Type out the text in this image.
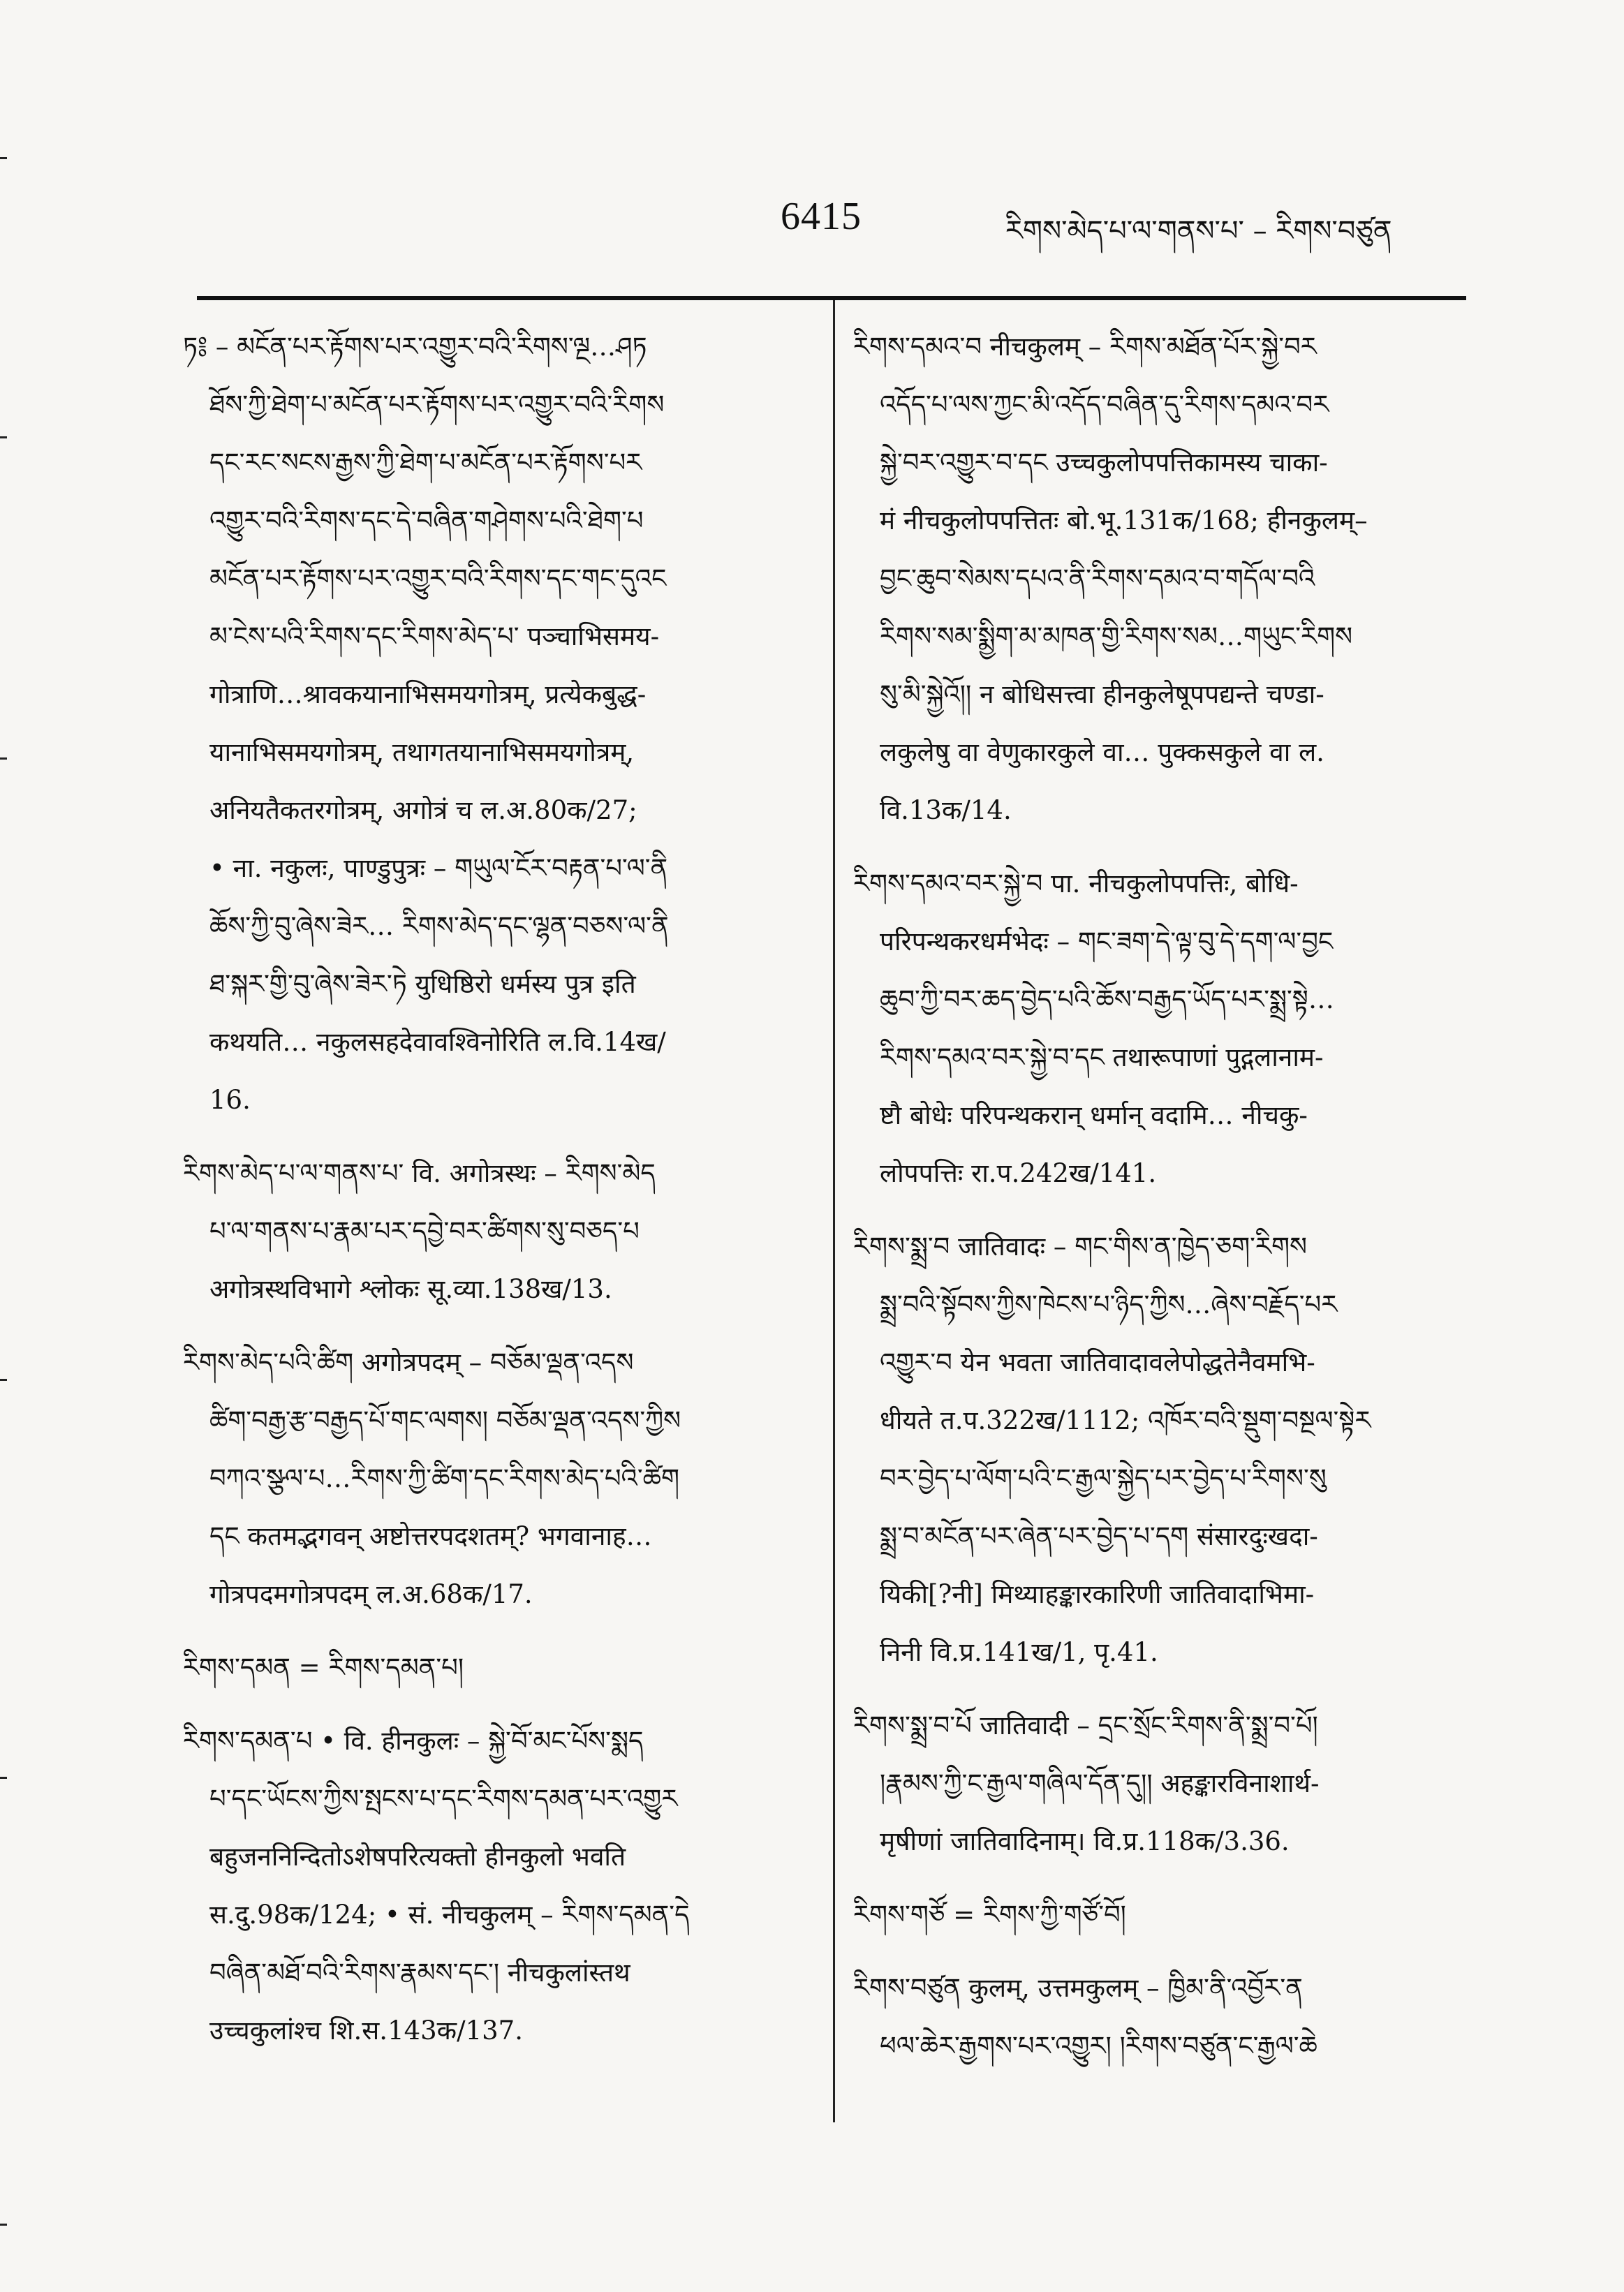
6415	རིགས་མེད་པ་ལ་གནས་པ་ – རིགས་བཙུན
ཏ༔ – མངོན་པར་རྟོགས་པར་འགྱུར་བའི་རིགས་ལྔ…ཤཏ
ཐོས་ཀྱི་ཐེག་པ་མངོན་པར་རྟོགས་པར་འགྱུར་བའི་རིགས
དང་རང་སངས་རྒྱས་ཀྱི་ཐེག་པ་མངོན་པར་རྟོགས་པར
འགྱུར་བའི་རིགས་དང་དེ་བཞིན་གཤེགས་པའི་ཐེག་པ
མངོན་པར་རྟོགས་པར་འགྱུར་བའི་རིགས་དང་གང་དུའང
མ་ངེས་པའི་རིགས་དང་རིགས་མེད་པ་ पञ्चाभिसमय-
गोत्राणि…श्रावकयानाभिसमयगोत्रम्, प्रत्येकबुद्ध-
यानाभिसमयगोत्रम्, तथागतयानाभिसमयगोत्रम्,
अनियतैकतरगोत्रम्, अगोत्रं च ल.अ.80क/27;
• ना. नकुलः, पाण्डुपुत्रः – གཡུལ་ངོར་བརྟན་པ་ལ་ནི
ཆོས་ཀྱི་བུ་ཞེས་ཟེར… རིགས་མེད་དང་ལྷན་བཅས་ལ་ནི
ཐ་སྐར་གྱི་བུ་ཞེས་ཟེར་ཏེ युधिष्ठिरो धर्मस्य पुत्र इति
कथयति… नकुलसहदेवावश्विनोरिति ल.वि.14ख/
16.
རིགས་མེད་པ་ལ་གནས་པ་ वि. अगोत्रस्थः – རིགས་མེད
པ་ལ་གནས་པ་རྣམ་པར་དབྱེ་བར་ཚིགས་སུ་བཅད་པ
अगोत्रस्थविभागे श्लोकः सू.व्या.138ख/13.
རིགས་མེད་པའི་ཚིག अगोत्रपदम् – བཅོམ་ལྡན་འདས
ཚིག་བརྒྱ་རྩ་བརྒྱད་པོ་གང་ལགས། བཅོམ་ལྡན་འདས་ཀྱིས
བཀའ་སྩལ་པ…རིགས་ཀྱི་ཚིག་དང་རིགས་མེད་པའི་ཚིག
དང कतमद्भगवन् अष्टोत्तरपदशतम्? भगवानाह…
गोत्रपदमगोत्रपदम् ल.अ.68क/17.
རིགས་དམན = རིགས་དམན་པ།
རིགས་དམན་པ • वि. हीनकुलः – སྐྱེ་བོ་མང་པོས་སྨད
པ་དང་ཡོངས་ཀྱིས་སྤངས་པ་དང་རིགས་དམན་པར་འགྱུར
बहुजननिन्दितोऽशेषपरित्यक्तो हीनकुलो भवति
स.दु.98क/124; • सं. नीचकुलम् – རིགས་དམན་དེ
བཞིན་མཐོ་བའི་རིགས་རྣམས་དང་། नीचकुलांस्तथ
उच्चकुलांश्च शि.स.143क/137.
རིགས་དམའ་བ नीचकुलम् – རིགས་མཐོན་པོར་སྐྱེ་བར
འདོད་པ་ལས་ཀྱང་མི་འདོད་བཞིན་དུ་རིགས་དམའ་བར
སྐྱེ་བར་འགྱུར་བ་དང उच्चकुलोपपत्तिकामस्य चाका-
मं नीचकुलोपपत्तितः बो.भू.131क/168; हीनकुलम्–
བྱང་ཆུབ་སེམས་དཔའ་ནི་རིགས་དམའ་བ་གདོལ་བའི
རིགས་སམ་སྨྱིག་མ་མཁན་གྱི་རིགས་སམ…གཡུང་རིགས
སུ་མི་སྐྱེའོ།། न बोधिसत्त्वा हीनकुलेषूपपद्यन्ते चण्डा-
लकुलेषु वा वेणुकारकुले वा… पुक्कसकुले वा ल.
वि.13क/14.
རིགས་དམའ་བར་སྐྱེ་བ पा. नीचकुलोपपत्तिः, बोधि-
परिपन्थकरधर्मभेदः – གང་ཟག་དེ་ལྟ་བུ་དེ་དག་ལ་བྱང
ཆུབ་ཀྱི་བར་ཆད་བྱེད་པའི་ཆོས་བརྒྱད་ཡོད་པར་སྨྲ་སྟེ…
རིགས་དམའ་བར་སྐྱེ་བ་དང तथारूपाणां पुद्गलानाम-
ष्टौ बोधेः परिपन्थकरान् धर्मान् वदामि… नीचकु-
लोपपत्तिः रा.प.242ख/141.
རིགས་སྨྲ་བ जातिवादः – གང་གིས་ན་ཁྱེད་ཅག་རིགས
སྨྲ་བའི་སྟོབས་ཀྱིས་ཁེངས་པ་ཉིད་ཀྱིས…ཞེས་བརྗོད་པར
འགྱུར་བ येन भवता जातिवादावलेपोद्धतेनैवमभि-
धीयते त.प.322ख/1112; འཁོར་བའི་སྡུག་བསྔལ་སྟེར
བར་བྱེད་པ་ལོག་པའི་ང་རྒྱལ་སྐྱེད་པར་བྱེད་པ་རིགས་སུ
སྨྲ་བ་མངོན་པར་ཞེན་པར་བྱེད་པ་དག संसारदुःखदा-
यिकी[?नी] मिथ्याहङ्कारकारिणी जातिवादाभिमा-
निनी वि.प्र.141ख/1, पृ.41.
རིགས་སྨྲ་བ་པོ जातिवादी – དྲང་སྲོང་རིགས་ནི་སྨྲ་བ་པོ།
།རྣམས་ཀྱི་ང་རྒྱལ་གཞིལ་དོན་དུ།། अहङ्कारविनाशार्थ-
मृषीणां जातिवादिनाम्। वि.प्र.118क/3.36.
རིགས་གཙོ = རིགས་ཀྱི་གཙོ་བོ།
རིགས་བཙུན कुलम्, उत्तमकुलम् – ཁྱིམ་ནི་འབྱོར་ན
ཕལ་ཆེར་རྒྱགས་པར་འགྱུར། །རིགས་བཙུན་ང་རྒྱལ་ཆེ
